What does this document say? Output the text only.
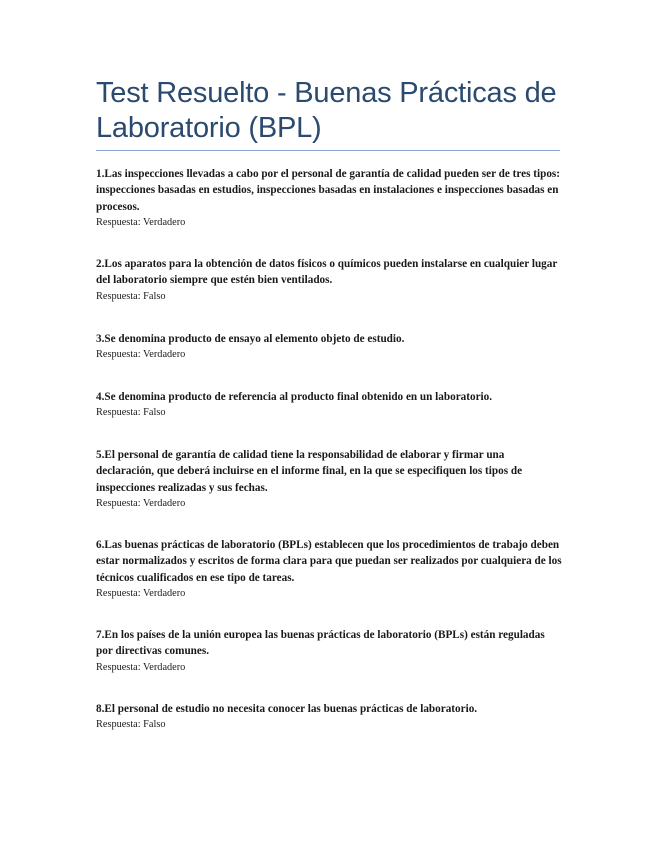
Test Resuelto - Buenas Prácticas de Laboratorio (BPL)

1.Las inspecciones llevadas a cabo por el personal de garantía de calidad pueden ser de tres tipos: inspecciones basadas en estudios, inspecciones basadas en instalaciones e inspecciones basadas en procesos.

Respuesta: Verdadero

2.Los aparatos para la obtención de datos físicos o químicos pueden instalarse en cualquier lugar del laboratorio siempre que estén bien ventilados.

Respuesta: Falso

3.Se denomina producto de ensayo al elemento objeto de estudio.

Respuesta: Verdadero

4.Se denomina producto de referencia al producto final obtenido en un laboratorio.

Respuesta: Falso

5.El personal de garantía de calidad tiene la responsabilidad de elaborar y firmar una declaración, que deberá incluirse en el informe final, en la que se especifiquen los tipos de inspecciones realizadas y sus fechas.

Respuesta: Verdadero

6.Las buenas prácticas de laboratorio (BPLs) establecen que los procedimientos de trabajo deben estar normalizados y escritos de forma clara para que puedan ser realizados por cualquiera de los técnicos cualificados en ese tipo de tareas.

Respuesta: Verdadero

7.En los países de la unión europea las buenas prácticas de laboratorio (BPLs) están reguladas por directivas comunes.

Respuesta: Verdadero

8.El personal de estudio no necesita conocer las buenas prácticas de laboratorio.

Respuesta: Falso
